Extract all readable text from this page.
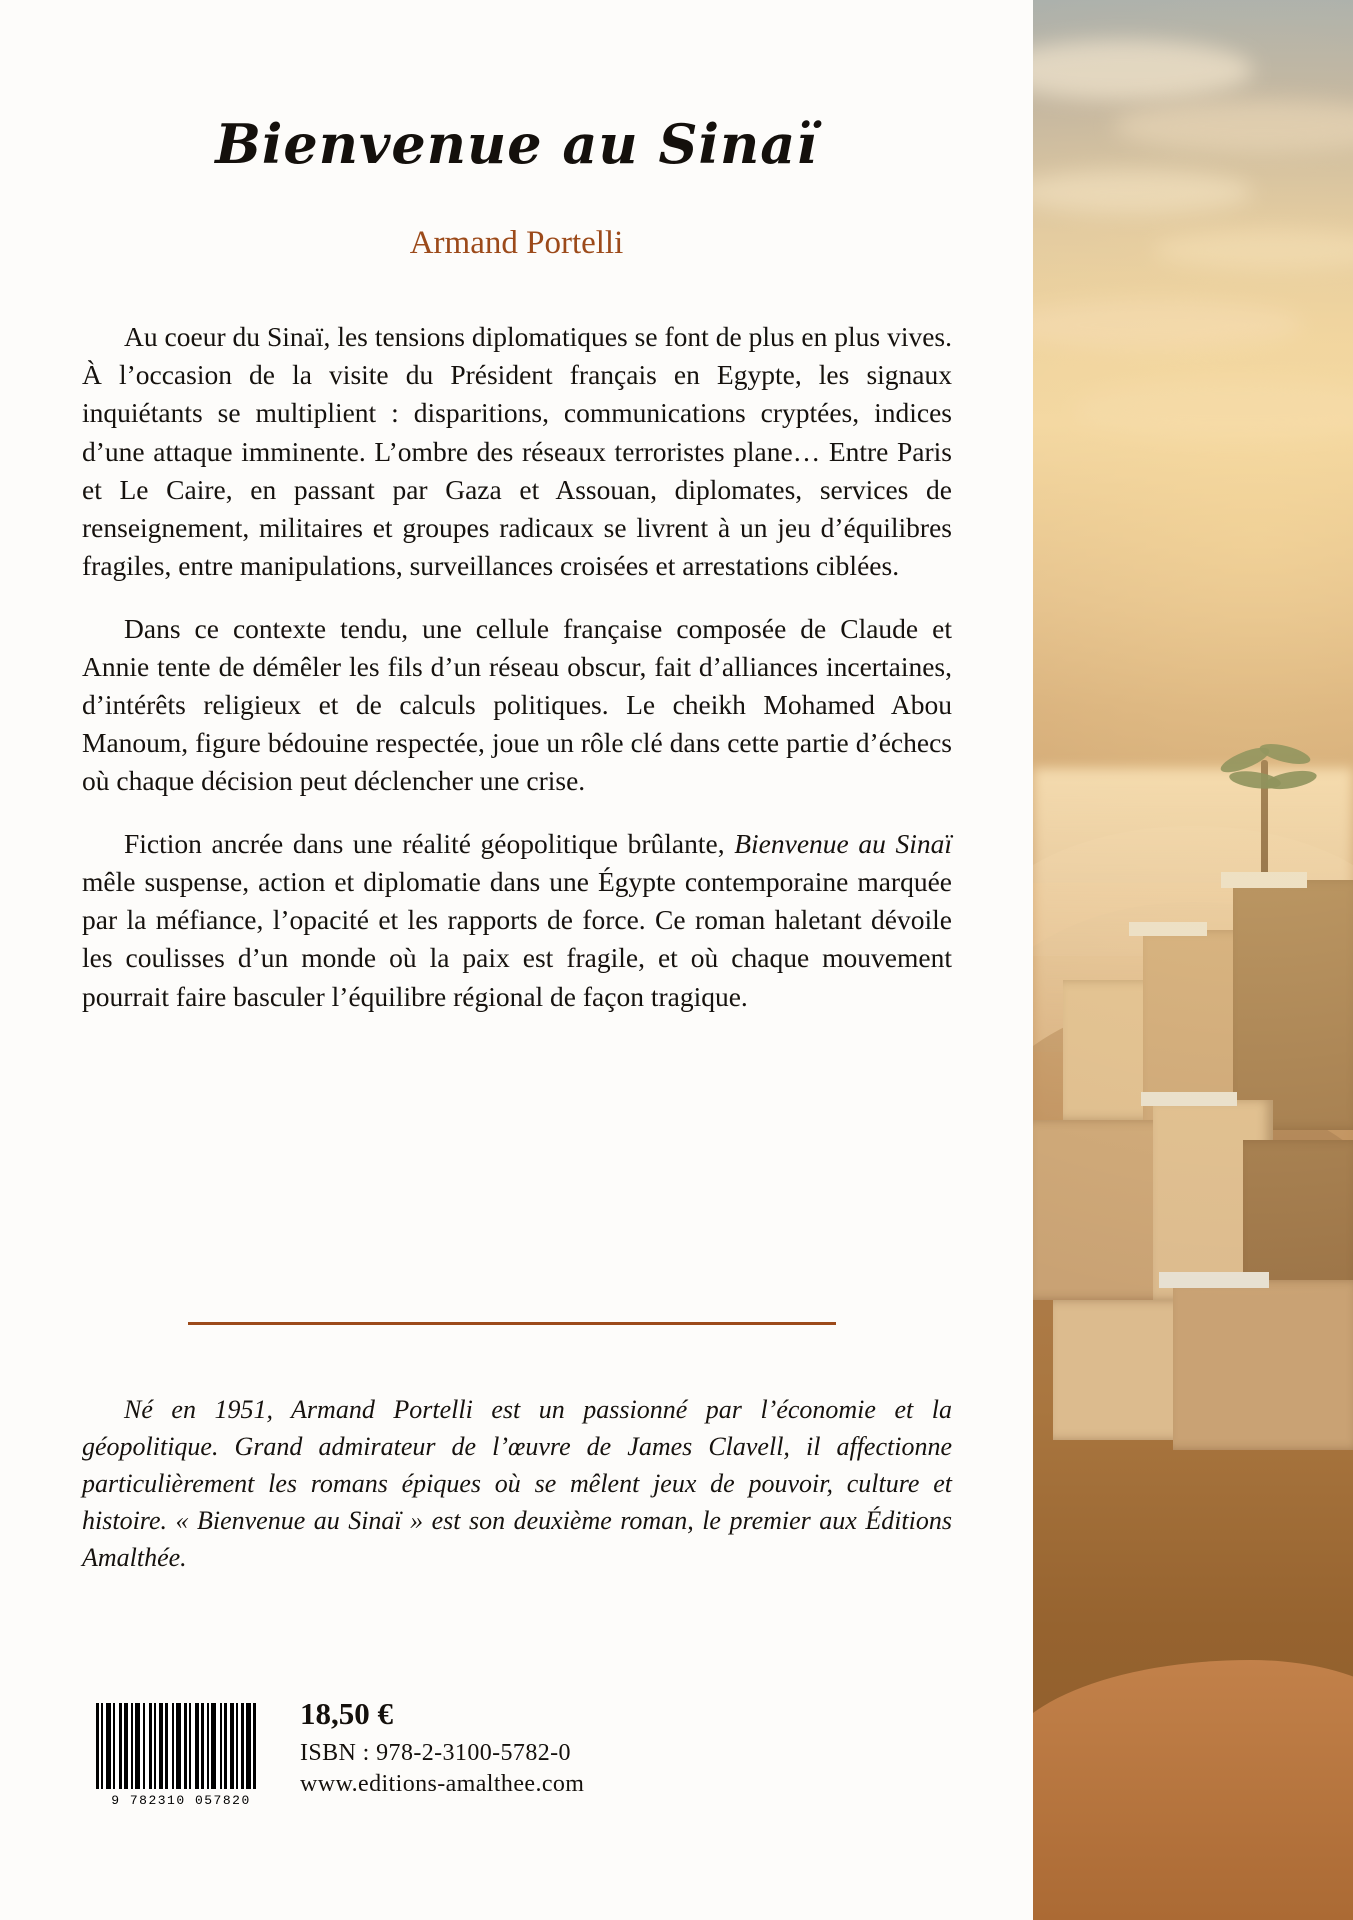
Bienvenue au Sinaï
Armand Portelli

Au coeur du Sinaï, les tensions diplomatiques se font de plus en plus vives. À l’occasion de la visite du Président français en Egypte, les signaux inquiétants se multiplient : disparitions, communications cryptées, indices d’une attaque imminente. L’ombre des réseaux terroristes plane… Entre Paris et Le Caire, en passant par Gaza et Assouan, diplomates, services de renseignement, militaires et groupes radicaux se livrent à un jeu d’équilibres fragiles, entre manipulations, surveillances croisées et arrestations ciblées.

Dans ce contexte tendu, une cellule française composée de Claude et Annie tente de démêler les fils d’un réseau obscur, fait d’alliances incertaines, d’intérêts religieux et de calculs politiques. Le cheikh Mohamed Abou Manoum, figure bédouine respectée, joue un rôle clé dans cette partie d’échecs où chaque décision peut déclencher une crise.

Fiction ancrée dans une réalité géopolitique brûlante, Bienvenue au Sinaï mêle suspense, action et diplomatie dans une Égypte contemporaine marquée par la méfiance, l’opacité et les rapports de force. Ce roman haletant dévoile les coulisses d’un monde où la paix est fragile, et où chaque mouvement pourrait faire basculer l’équilibre régional de façon tragique.

Né en 1951, Armand Portelli est un passionné par l’économie et la géopolitique. Grand admirateur de l’œuvre de James Clavell, il affectionne particulièrement les romans épiques où se mêlent jeux de pouvoir, culture et histoire. « Bienvenue au Sinaï » est son deuxième roman, le premier aux Éditions Amalthée.

9 782310 057820
18,50 €
ISBN : 978-2-3100-5782-0
www.editions-amalthee.com
